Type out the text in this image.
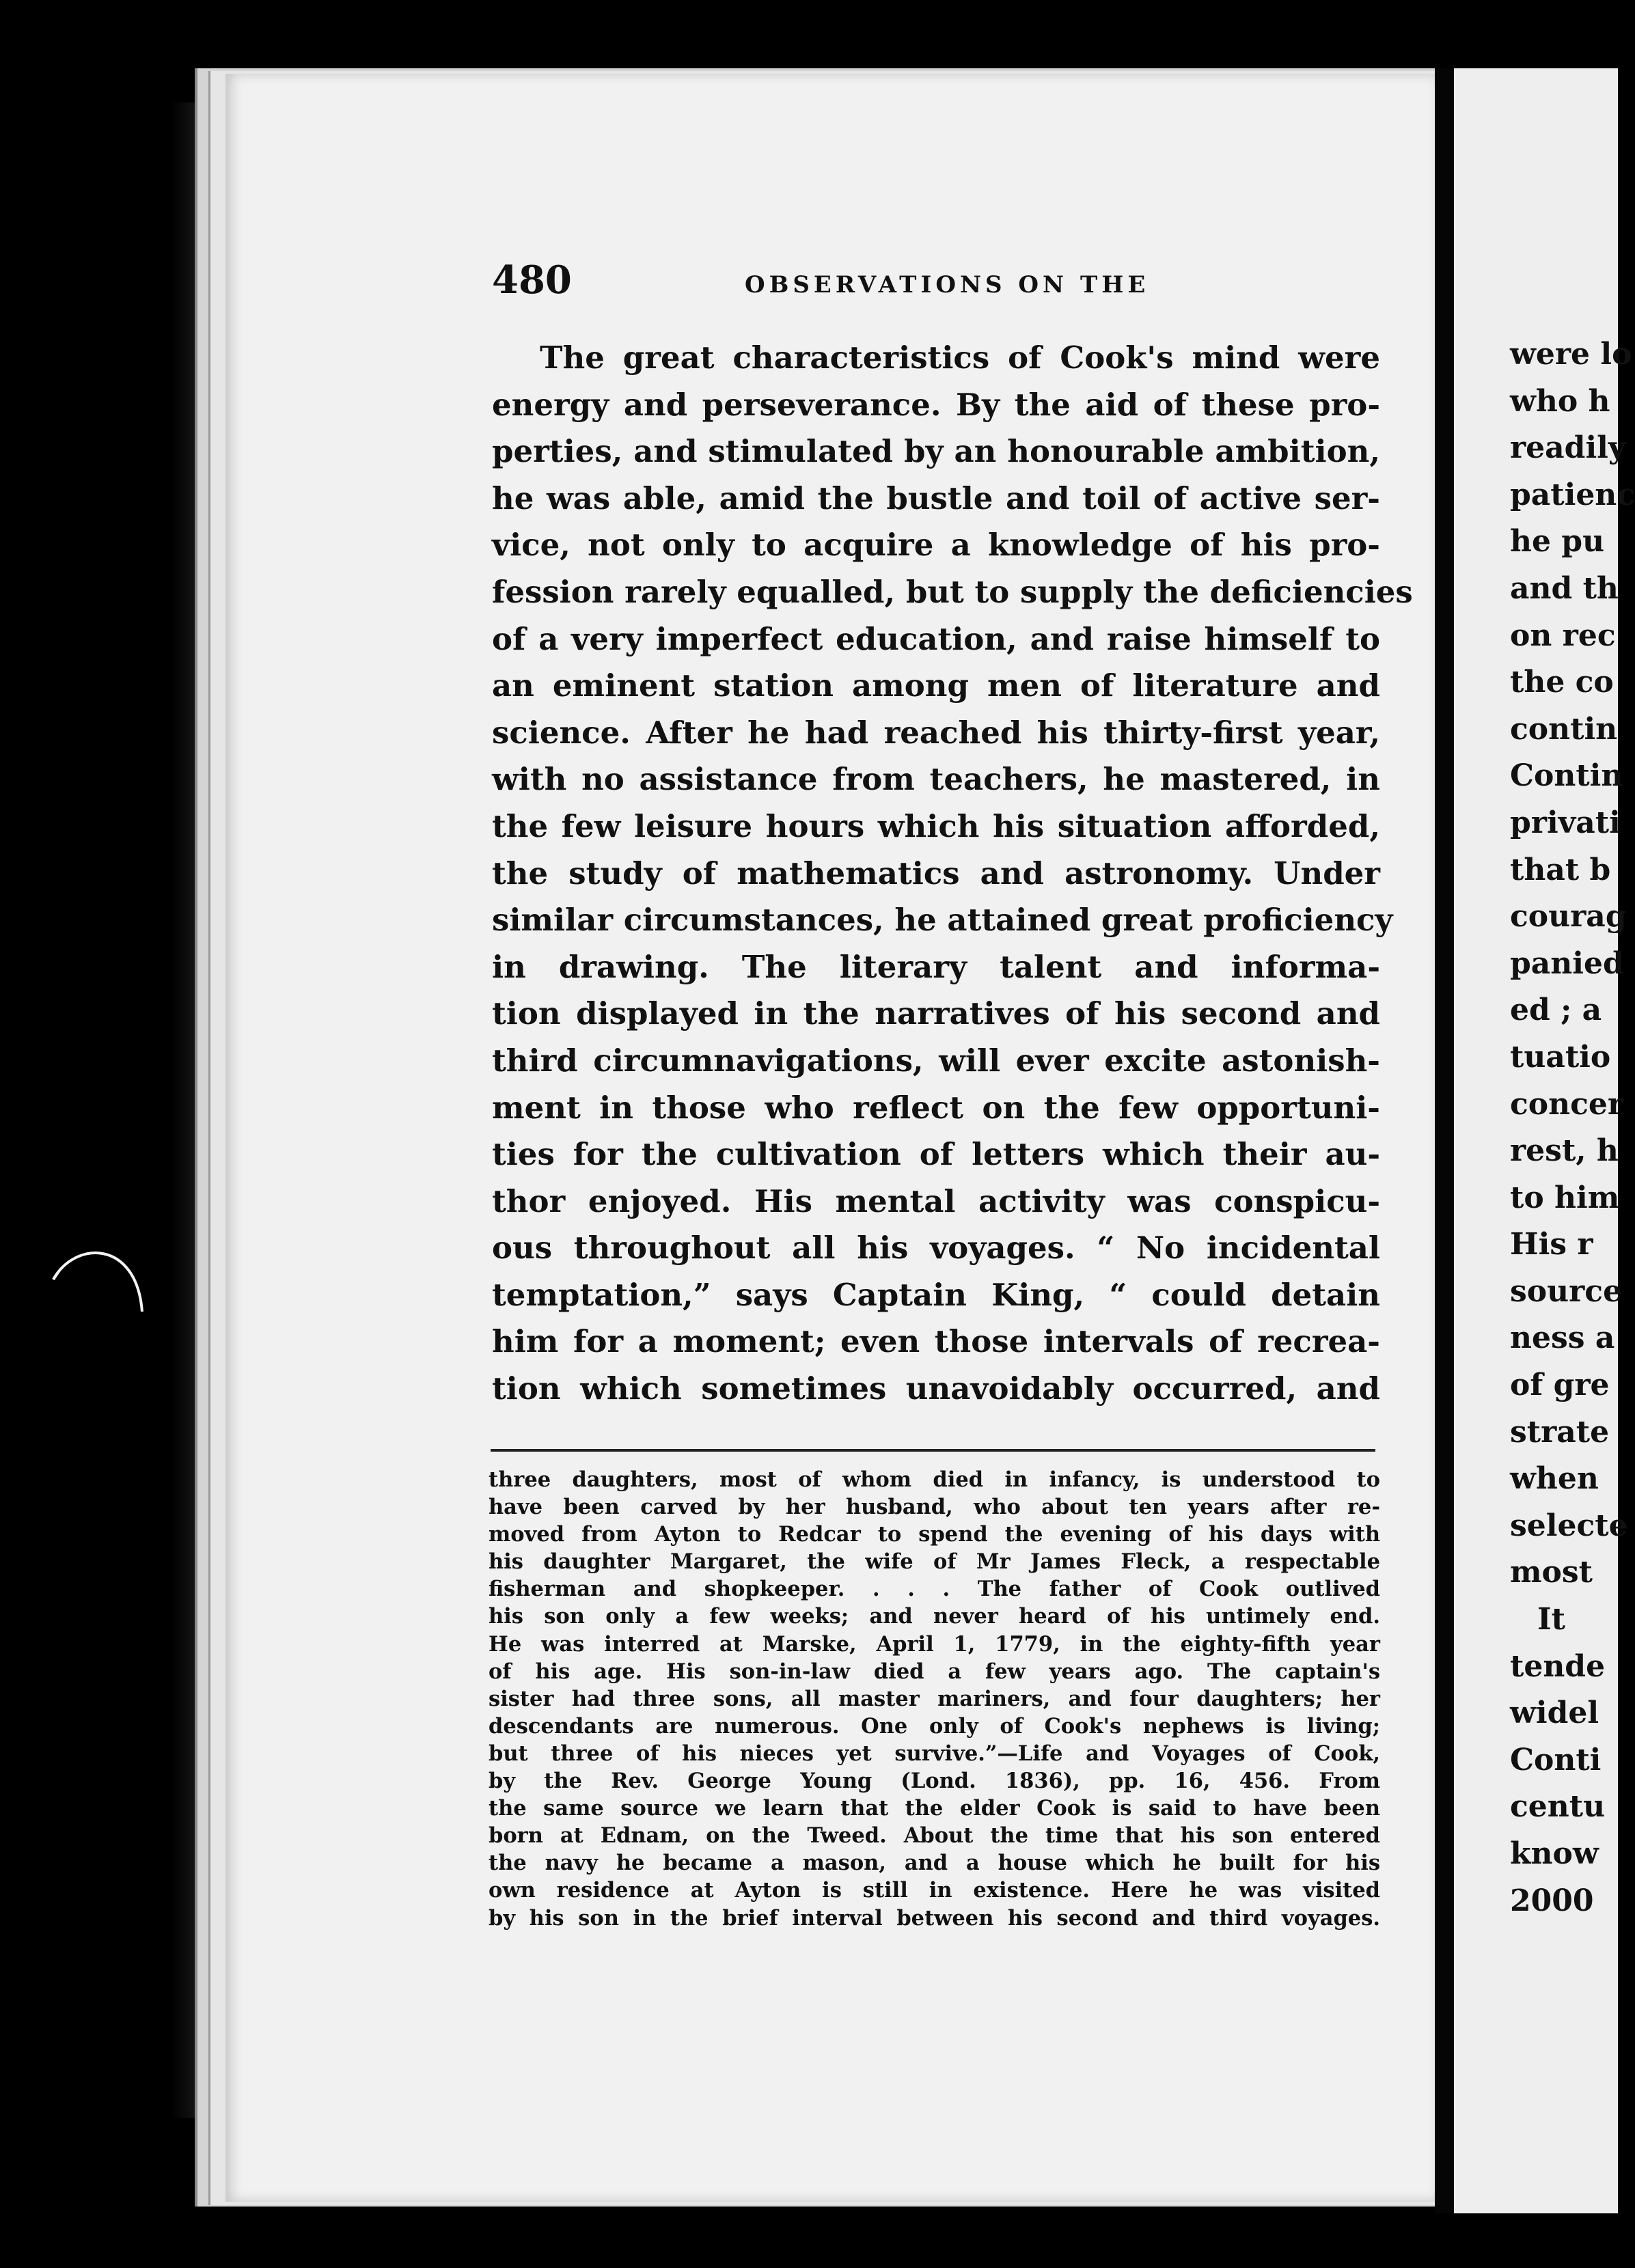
480	OBSERVATIONS ON THE
The great characteristics of Cook's mind were
energy and perseverance. By the aid of these pro-
perties, and stimulated by an honourable ambition,
he was able, amid the bustle and toil of active ser-
vice, not only to acquire a knowledge of his pro-
fession rarely equalled, but to supply the deficiencies
of a very imperfect education, and raise himself to
an eminent station among men of literature and
science. After he had reached his thirty-first year,
with no assistance from teachers, he mastered, in
the few leisure hours which his situation afforded,
the study of mathematics and astronomy. Under
similar circumstances, he attained great proficiency
in drawing. The literary talent and informa-
tion displayed in the narratives of his second and
third circumnavigations, will ever excite astonish-
ment in those who reflect on the few opportuni-
ties for the cultivation of letters which their au-
thor enjoyed. His mental activity was conspicu-
ous throughout all his voyages. “ No incidental
temptation,” says Captain King, “ could detain
him for a moment; even those intervals of recrea-
tion which sometimes unavoidably occurred, and
three daughters, most of whom died in infancy, is understood to
have been carved by her husband, who about ten years after re-
moved from Ayton to Redcar to spend the evening of his days with
his daughter Margaret, the wife of Mr James Fleck, a respectable
fisherman and shopkeeper. . . . The father of Cook outlived
his son only a few weeks; and never heard of his untimely end.
He was interred at Marske, April 1, 1779, in the eighty-fifth year
of his age. His son-in-law died a few years ago. The captain's
sister had three sons, all master mariners, and four daughters; her
descendants are numerous. One only of Cook's nephews is living;
but three of his nieces yet survive.”—Life and Voyages of Cook,
by the Rev. George Young (Lond. 1836), pp. 16, 456. From
the same source we learn that the elder Cook is said to have been
born at Ednam, on the Tweed. About the time that his son entered
the navy he became a mason, and a house which he built for his
own residence at Ayton is still in existence. Here he was visited
by his son in the brief interval between his second and third voyages.
were lo
who h
readily
patienc
he pu
and th
on rec
the co
contin
Contin
privati
that b
courag
panied
ed ; a
tuatio
concer
rest, h
to him
His r
source
ness a
of gre
strate
when
selecte
most
It
tende
widel
Conti
centu
know
2000
